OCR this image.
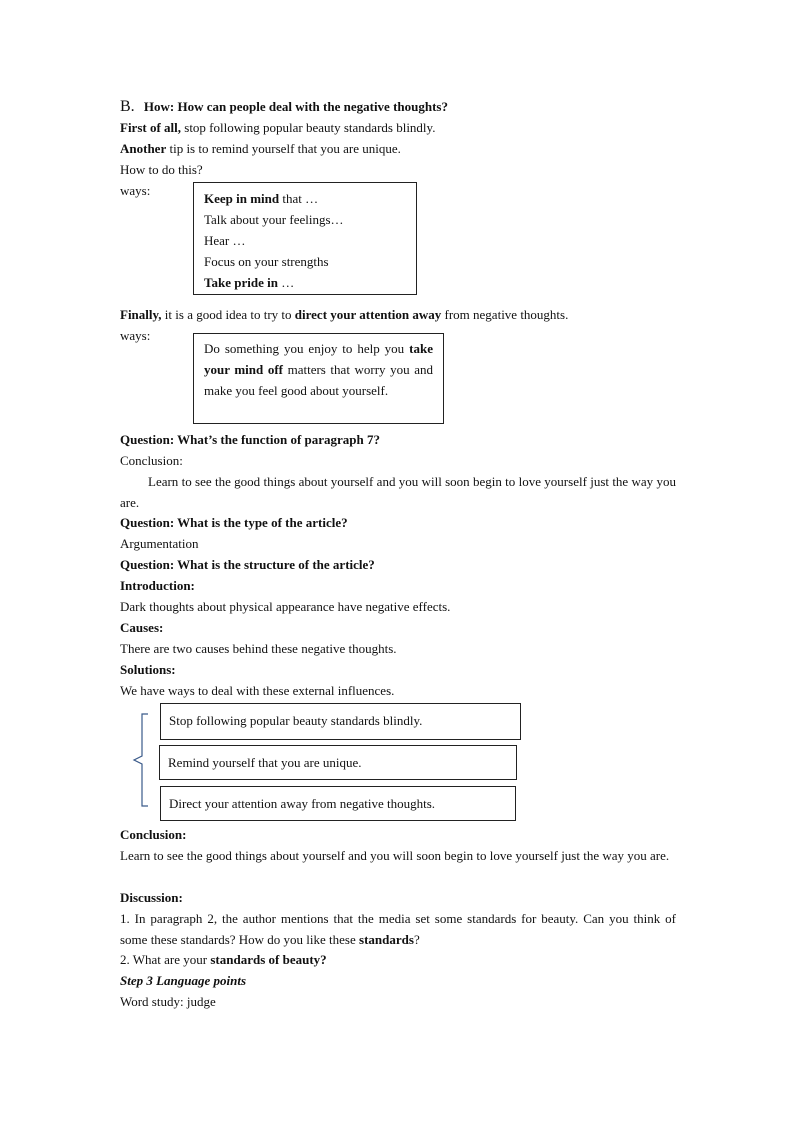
B. How: How can people deal with the negative thoughts?
First of all, stop following popular beauty standards blindly.
Another tip is to remind yourself that you are unique.
How to do this?
ways:
Finally, it is a good idea to try to direct your attention away from negative thoughts.
ways:
Question: What’s the function of paragraph 7?
Conclusion:
Learn to see the good things about yourself and you will soon begin to love yourself just the way you are.
Question: What is the type of the article?
Argumentation
Question: What is the structure of the article?
Introduction:
Dark thoughts about physical appearance have negative effects.
Causes:
There are two causes behind these negative thoughts.
Solutions:
We have ways to deal with these external influences.
Conclusion:
Learn to see the good things about yourself and you will soon begin to love yourself just the way you are.
Discussion:
1. In paragraph 2, the author mentions that the media set some standards for beauty. Can you think of some these standards? How do you like these standards?
2. What are your standards of beauty?
Step 3 Language points
Word study: judge
Keep in mind that …
Talk about your feelings…
Hear …
Focus on your strengths
Take pride in …
Do something you enjoy to help you take your mind off matters that worry you and make you feel good about yourself.
Stop following popular beauty standards blindly.
Remind yourself that you are unique.
Direct your attention away from negative thoughts.
